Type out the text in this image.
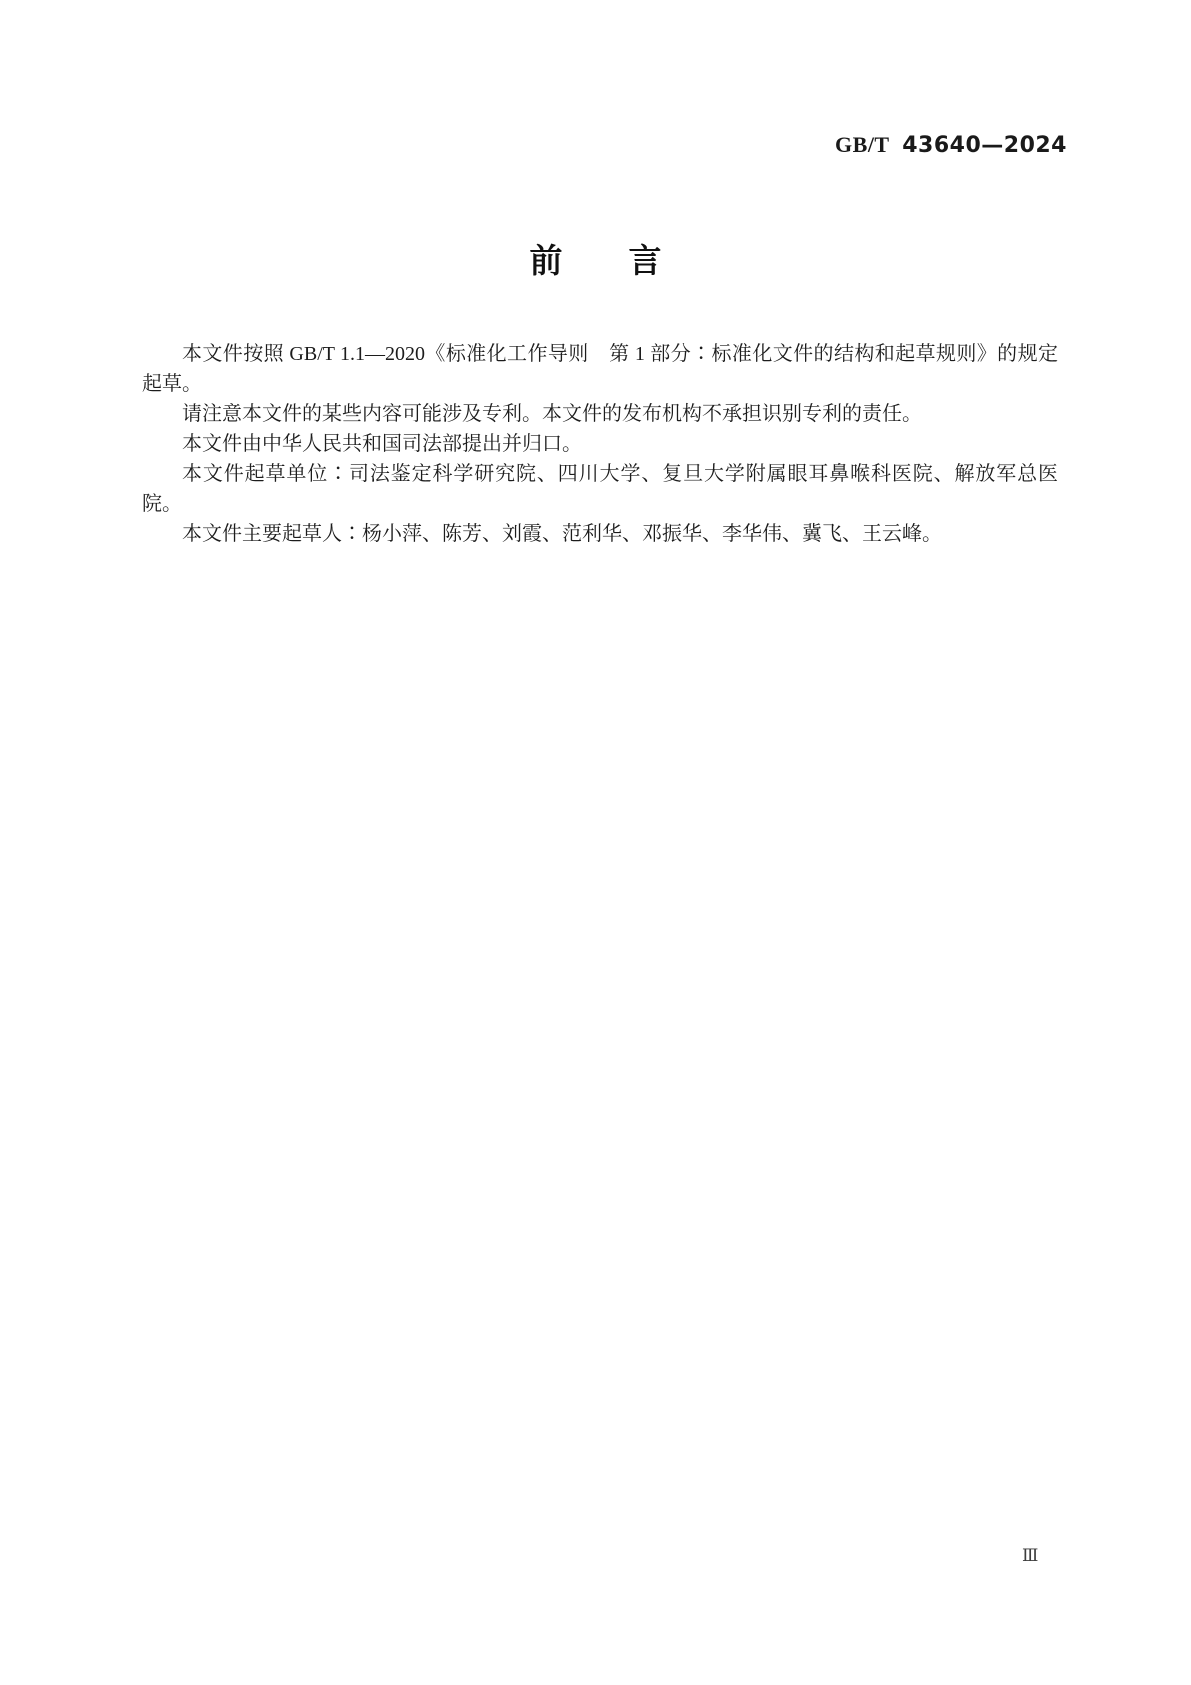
GB/T 43640—2024
前　　言

本文件按照 GB/T 1.1—2020《标准化工作导则　第 1 部分∶标准化文件的结构和起草规则》的规定起草。

请注意本文件的某些内容可能涉及专利。本文件的发布机构不承担识别专利的责任。

本文件由中华人民共和国司法部提出并归口。

本文件起草单位∶司法鉴定科学研究院、四川大学、复旦大学附属眼耳鼻喉科医院、解放军总医院。

本文件主要起草人∶杨小萍、陈芳、刘霞、范利华、邓振华、李华伟、冀飞、王云峰。

Ⅲ
